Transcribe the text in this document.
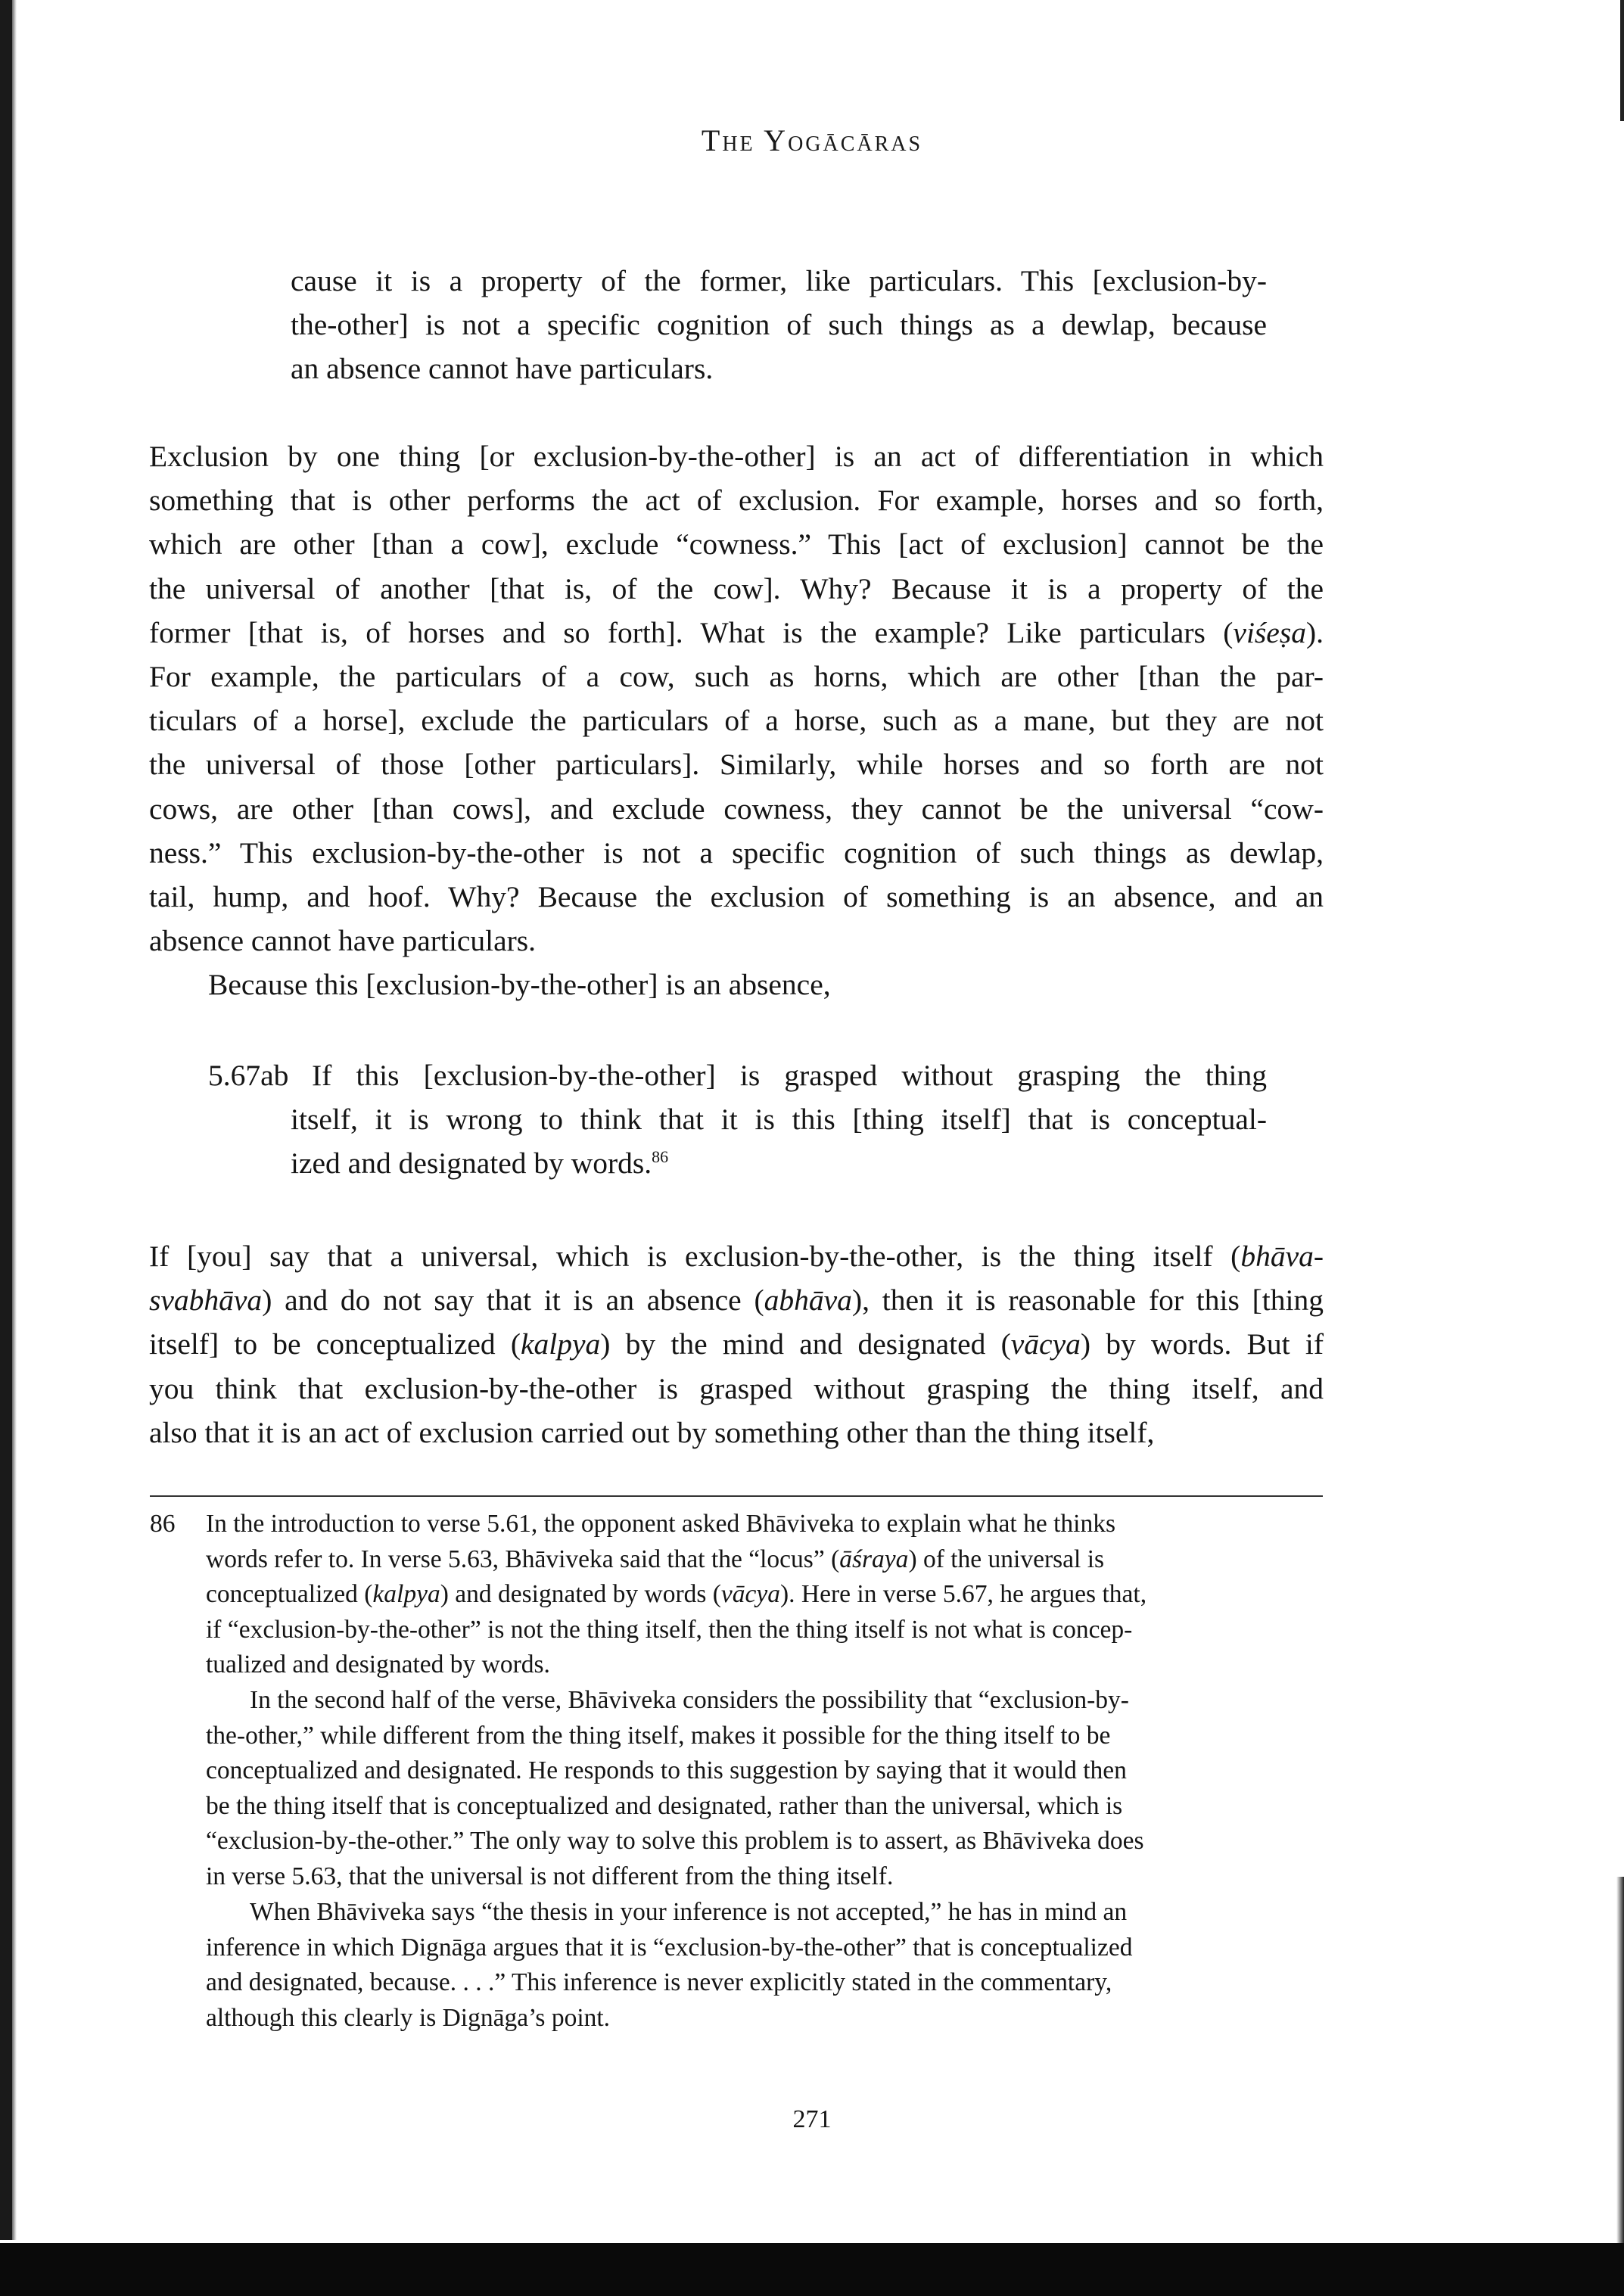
The Yogācāras

cause it is a property of the former, like particulars. This [exclusion-by-
the-other] is not a specific cognition of such things as a dewlap, because
an absence cannot have particulars.

Exclusion by one thing [or exclusion-by-the-other] is an act of differentiation in which
something that is other performs the act of exclusion. For example, horses and so forth,
which are other [than a cow], exclude “cowness.” This [act of exclusion] cannot be the
the universal of another [that is, of the cow]. Why? Because it is a property of the
former [that is, of horses and so forth]. What is the example? Like particulars (viśeṣa).
For example, the particulars of a cow, such as horns, which are other [than the par-
ticulars of a horse], exclude the particulars of a horse, such as a mane, but they are not
the universal of those [other particulars]. Similarly, while horses and so forth are not
cows, are other [than cows], and exclude cowness, they cannot be the universal “cow-
ness.” This exclusion-by-the-other is not a specific cognition of such things as dewlap,
tail, hump, and hoof. Why? Because the exclusion of something is an absence, and an
absence cannot have particulars.

Because this [exclusion-by-the-other] is an absence,

5.67ab If this [exclusion-by-the-other] is grasped without grasping the thing

itself, it is wrong to think that it is this [thing itself] that is conceptual-
ized and designated by words.$^{86}$

If [you] say that a universal, which is exclusion-by-the-other, is the thing itself (bhāva-
svabhāva) and do not say that it is an absence (abhāva), then it is reasonable for this [thing
itself] to be conceptualized (kalpya) by the mind and designated (vācya) by words. But if
you think that exclusion-by-the-other is grasped without grasping the thing itself, and
also that it is an act of exclusion carried out by something other than the thing itself,

86 In the introduction to verse 5.61, the opponent asked Bhāviveka to explain what he thinks
words refer to. In verse 5.63, Bhāviveka said that the “locus” (āśraya) of the universal is
conceptualized (kalpya) and designated by words (vācya). Here in verse 5.67, he argues that,
if “exclusion-by-the-other” is not the thing itself, then the thing itself is not what is concep-
tualized and designated by words.

In the second half of the verse, Bhāviveka considers the possibility that “exclusion-by-
the-other,” while different from the thing itself, makes it possible for the thing itself to be
conceptualized and designated. He responds to this suggestion by saying that it would then
be the thing itself that is conceptualized and designated, rather than the universal, which is
“exclusion-by-the-other.” The only way to solve this problem is to assert, as Bhāviveka does
in verse 5.63, that the universal is not different from the thing itself.

When Bhāviveka says “the thesis in your inference is not accepted,” he has in mind an
inference in which Dignāga argues that it is “exclusion-by-the-other” that is conceptualized
and designated, because. . . .” This inference is never explicitly stated in the commentary,
although this clearly is Dignāga’s point.

271
